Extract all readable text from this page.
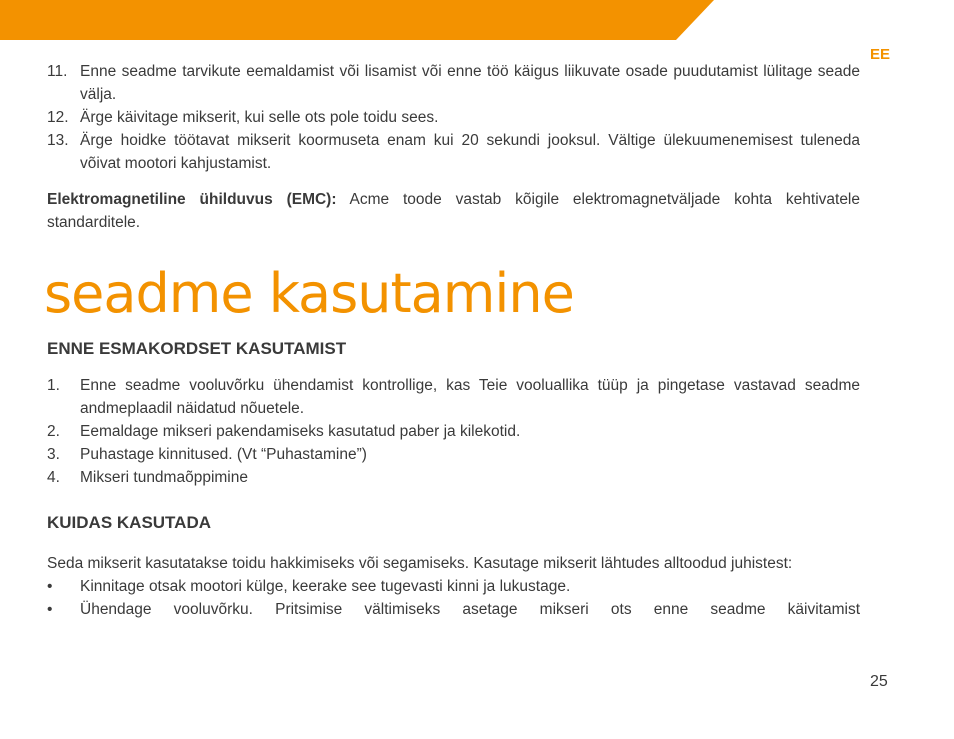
EE
11. Enne seadme tarvikute eemaldamist või lisamist või enne töö käigus liikuvate osade puudutamist lülitage seade välja.
12. Ärge käivitage mikserit, kui selle ots pole toidu sees.
13. Ärge hoidke töötavat mikserit koormuseta enam kui 20 sekundi jooksul. Vältige ülekuumenemisest tuleneda võivat mootori kahjustamist.

Elektromagnetiline ühilduvus (EMC): Acme toode vastab kõigile elektromagnetväljade kohta kehtivatele standarditele.

seadme kasutamine
ENNE ESMAKORDSET KASUTAMIST
1.	Enne seadme vooluvõrku ühendamist kontrollige, kas Teie vooluallika tüüp ja pingetase vastavad seadme andmeplaadil näidatud nõuetele.
2.	Eemaldage mikseri pakendamiseks kasutatud paber ja kilekotid.
3.	Puhastage kinnitused. (Vt “Puhastamine”)
4.	Mikseri tundmaõppimine
KUIDAS KASUTADA

Seda mikserit kasutatakse toidu hakkimiseks või segamiseks. Kasutage mikserit lähtudes alltoodud juhistest:

•	Kinnitage otsak mootori külge, keerake see tugevasti kinni ja lukustage.
•	Ühendage vooluvõrku. Pritsimise vältimiseks asetage mikseri ots enne seadme käivitamist
25
